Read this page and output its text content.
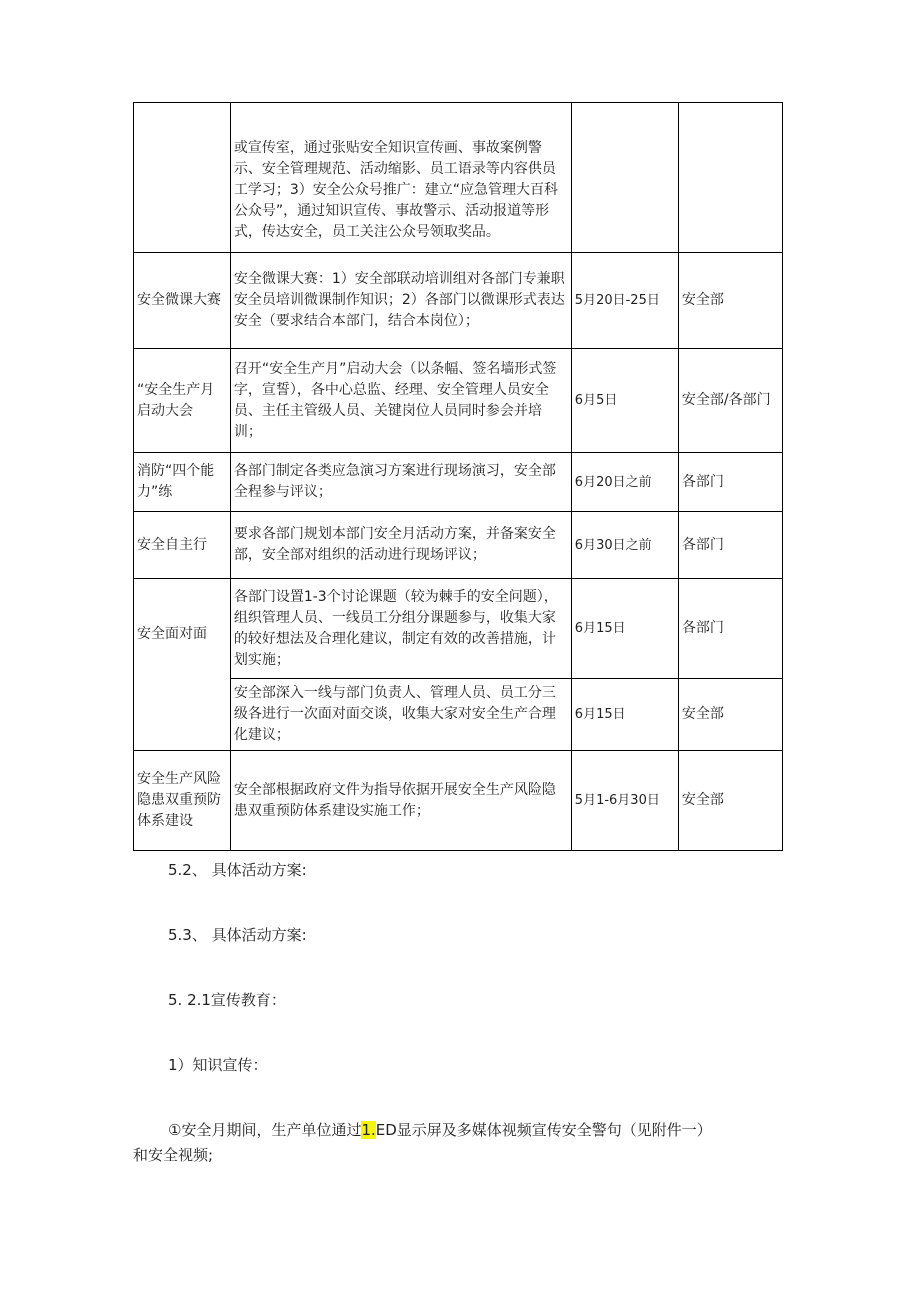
	或宣传室，通过张贴安全知识宣传画、事故案例警示、安全管理规范、活动缩影、员工语录等内容供员工学习；3）安全公众号推广：建立“应急管理大百科公众号”，通过知识宣传、事故警示、活动报道等形式，传达安全，员工关注公众号领取奖品。		
安全微课大赛	安全微课大赛：1）安全部联动培训组对各部门专兼职安全员培训微课制作知识；2）各部门以微课形式表达安全（要求结合本部门，结合本岗位）；	5月20日-25日	安全部
“安全生产月启动大会	召开“安全生产月”启动大会（以条幅、签名墙形式签字，宣誓），各中心总监、经理、安全管理人员安全员、主任主管级人员、关键岗位人员同时参会并培训；	6月5日	安全部/各部门
消防“四个能力”练	各部门制定各类应急演习方案进行现场演习，安全部全程参与评议；	6月20日之前	各部门
安全自主行	要求各部门规划本部门安全月活动方案，并备案安全部，安全部对组织的活动进行现场评议；	6月30日之前	各部门
安全面对面	各部门设置1-3个讨论课题（较为棘手的安全问题），组织管理人员、一线员工分组分课题参与，收集大家的较好想法及合理化建议，制定有效的改善措施，计划实施；	6月15日	各部门
	安全部深入一线与部门负责人、管理人员、员工分三级各进行一次面对面交谈，收集大家对安全生产合理化建议；	6月15日	安全部
安全生产风险隐患双重预防体系建设	安全部根据政府文件为指导依据开展安全生产风险隐患双重预防体系建设实施工作；	5月1-6月30日	安全部
5.2、 具体活动方案:
5.3、 具体活动方案:
5. 2.1宣传教育：
1）知识宣传：
①安全月期间，生产单位通过1.ED显示屏及多媒体视频宣传安全警句（见附件一）
和安全视频;
